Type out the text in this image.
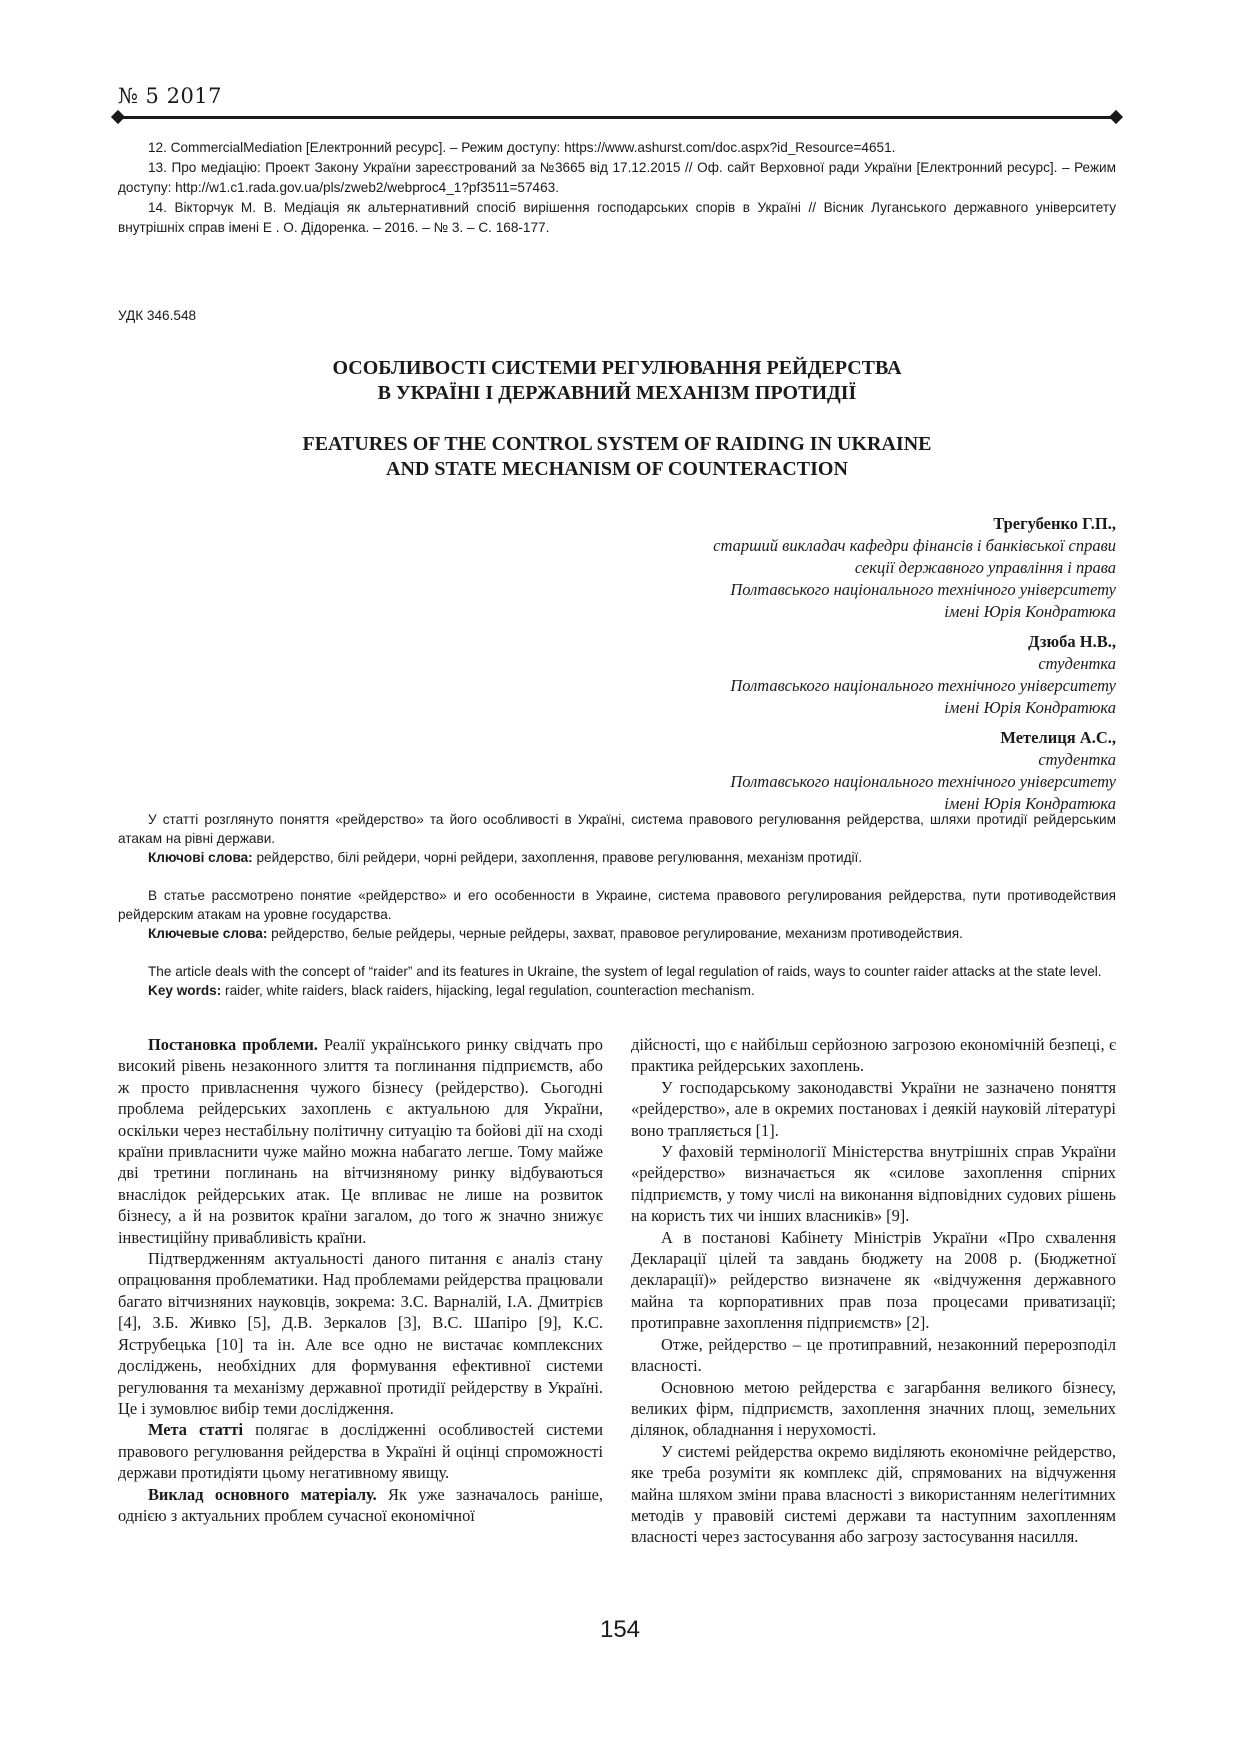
№ 5 2017

12. CommercialMediation [Електронний ресурс]. – Режим доступу: https://www.ashurst.com/doc.aspx?id_Resource=4651.

13. Про медіацію: Проект Закону України зареєстрований за №3665 від 17.12.2015 // Оф. сайт Верховної ради України [Електронний ресурс]. – Режим доступу: http://w1.c1.rada.gov.ua/pls/zweb2/webproc4_1?pf3511=57463.

14. Вікторчук М. В. Медіація як альтернативний спосіб вирішення господарських спорів в Україні // Вісник Луганського державного університету внутрішніх справ імені Е . О. Дідоренка. – 2016. – № 3. – С. 168-177.

УДК 346.548
ОСОБЛИВОСТІ СИСТЕМИ РЕГУЛЮВАННЯ РЕЙДЕРСТВА
В УКРАЇНІ І ДЕРЖАВНИЙ МЕХАНІЗМ ПРОТИДІЇ
FEATURES OF THE CONTROL SYSTEM OF RAIDING IN UKRAINE
AND STATE MECHANISM OF COUNTERACTION
Трегубенко Г.П.,
старший викладач кафедри фінансів і банківської справи
секції державного управління і права
Полтавського національного технічного університету
імені Юрія Кондратюка
Дзюба Н.В.,
студентка
Полтавського національного технічного університету
імені Юрія Кондратюка
Метелиця А.С.,
студентка
Полтавського національного технічного університету
імені Юрія Кондратюка

У статті розглянуто поняття «рейдерство» та його особливості в Україні, система правового регулювання рейдерства, шляхи протидії рейдерським атакам на рівні держави.

Ключові слова: рейдерство, білі рейдери, чорні рейдери, захоплення, правове регулювання, механізм протидії.

В статье рассмотрено понятие «рейдерство» и его особенности в Украине, система правового регулирования рейдерства, пути противодействия рейдерским атакам на уровне государства.

Ключевые слова: рейдерство, белые рейдеры, черные рейдеры, захват, правовое регулирование, механизм противодействия.

The article deals with the concept of “raider” and its features in Ukraine, the system of legal regulation of raids, ways to counter raider attacks at the state level.

Key words: raider, white raiders, black raiders, hijacking, legal regulation, counteraction mechanism.

Постановка проблеми. Реалії українського ринку свідчать про високий рівень незаконного злиття та поглинання підприємств, або ж просто привласнення чужого бізнесу (рейдерство). Сьогодні проблема рейдерських захоплень є актуальною для України, оскільки через нестабільну політичну ситуацію та бойові дії на сході країни привласнити чуже майно можна набагато легше. Тому майже дві третини поглинань на вітчизняному ринку відбуваються внаслідок рейдерських атак. Це впливає не лише на розвиток бізнесу, а й на розвиток країни загалом, до того ж значно знижує інвестиційну привабливість країни.

Підтвердженням актуальності даного питання є аналіз стану опрацювання проблематики. Над проблемами рейдерства працювали багато вітчизняних науковців, зокрема: З.С. Варналій, І.А. Дмитрієв [4], З.Б. Живко [5], Д.В. Зеркалов [3], В.С. Шапіро [9], К.С. Яструбецька [10] та ін. Але все одно не вистачає комплексних досліджень, необхідних для формування ефективної системи регулювання та механізму державної протидії рейдерству в Україні. Це і зумовлює вибір теми дослідження.

Мета статті полягає в дослідженні особливостей системи правового регулювання рейдерства в Україні й оцінці спроможності держави протидіяти цьому негативному явищу.

Виклад основного матеріалу. Як уже зазначалось раніше, однією з актуальних проблем сучасної економічної

дійсності, що є найбільш серйозною загрозою економічній безпеці, є практика рейдерських захоплень.

У господарському законодавстві України не зазначено поняття «рейдерство», але в окремих постановах і деякій науковій літературі воно трапляється [1].

У фаховій термінології Міністерства внутрішніх справ України «рейдерство» визначається як «силове захоплення спірних підприємств, у тому числі на виконання відповідних судових рішень на користь тих чи інших власників» [9].

А в постанові Кабінету Міністрів України «Про схвалення Декларації цілей та завдань бюджету на 2008 р. (Бюджетної декларації)» рейдерство визначене як «відчуження державного майна та корпоративних прав поза процесами приватизації; протиправне захоплення підприємств» [2].

Отже, рейдерство – це протиправний, незаконний перерозподіл власності.

Основною метою рейдерства є загарбання великого бізнесу, великих фірм, підприємств, захоплення значних площ, земельних ділянок, обладнання і нерухомості.

У системі рейдерства окремо виділяють економічне рейдерство, яке треба розуміти як комплекс дій, спрямованих на відчуження майна шляхом зміни права власності з використанням нелегітимних методів у правовій системі держави та наступним захопленням власності через застосування або загрозу застосування насилля.

154
